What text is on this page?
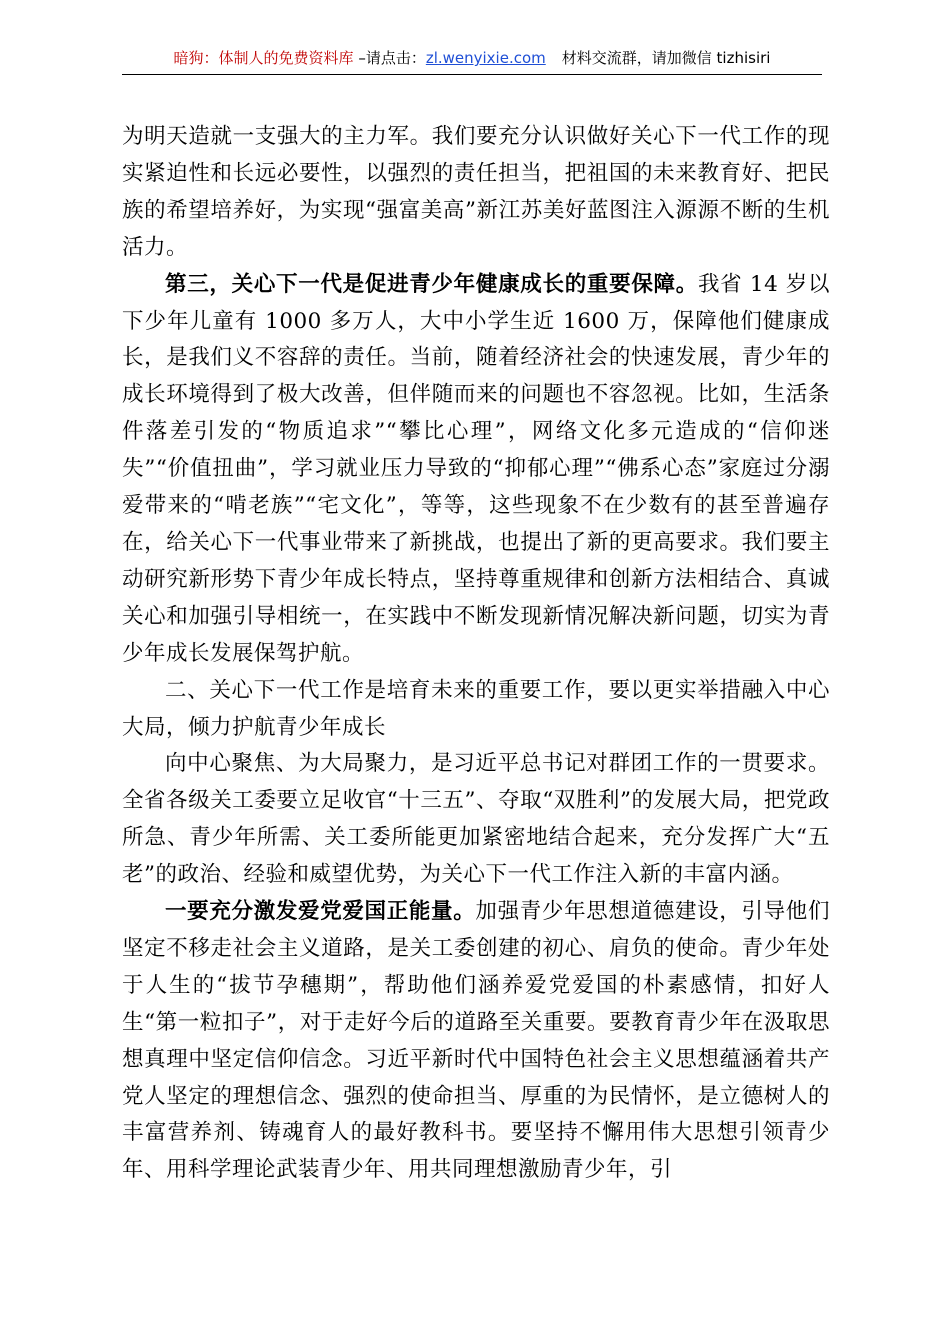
暗狗：体制人的免费资料库 –请点击：zl.wenyixie.com 材料交流群，请加微信 tizhisiri

为明天造就一支强大的主力军。我们要充分认识做好关心下一代工作的现实紧迫性和长远必要性，以强烈的责任担当，把祖国的未来教育好、把民族的希望培养好，为实现“强富美高”新江苏美好蓝图注入源源不断的生机活力。

第三，关心下一代是促进青少年健康成长的重要保障。我省 14 岁以下少年儿童有 1000 多万人，大中小学生近 1600 万，保障他们健康成长，是我们义不容辞的责任。当前，随着经济社会的快速发展，青少年的成长环境得到了极大改善，但伴随而来的问题也不容忽视。比如，生活条件落差引发的“物质追求”“攀比心理”，网络文化多元造成的“信仰迷失”“价值扭曲”，学习就业压力导致的“抑郁心理”“佛系心态”家庭过分溺爱带来的“啃老族”“宅文化”，等等，这些现象不在少数有的甚至普遍存在，给关心下一代事业带来了新挑战，也提出了新的更高要求。我们要主动研究新形势下青少年成长特点，坚持尊重规律和创新方法相结合、真诚关心和加强引导相统一，在实践中不断发现新情况解决新问题，切实为青少年成长发展保驾护航。

二、关心下一代工作是培育未来的重要工作，要以更实举措融入中心大局，倾力护航青少年成长

向中心聚焦、为大局聚力，是习近平总书记对群团工作的一贯要求。全省各级关工委要立足收官“十三五”、夺取“双胜利”的发展大局，把党政所急、青少年所需、关工委所能更加紧密地结合起来，充分发挥广大“五老”的政治、经验和威望优势，为关心下一代工作注入新的丰富内涵。

一要充分激发爱党爱国正能量。加强青少年思想道德建设，引导他们坚定不移走社会主义道路，是关工委创建的初心、肩负的使命。青少年处于人生的“拔节孕穗期”，帮助他们涵养爱党爱国的朴素感情，扣好人生“第一粒扣子”，对于走好今后的道路至关重要。要教育青少年在汲取思想真理中坚定信仰信念。习近平新时代中国特色社会主义思想蕴涵着共产党人坚定的理想信念、强烈的使命担当、厚重的为民情怀，是立德树人的丰富营养剂、铸魂育人的最好教科书。要坚持不懈用伟大思想引领青少年、用科学理论武装青少年、用共同理想激励青少年，引
